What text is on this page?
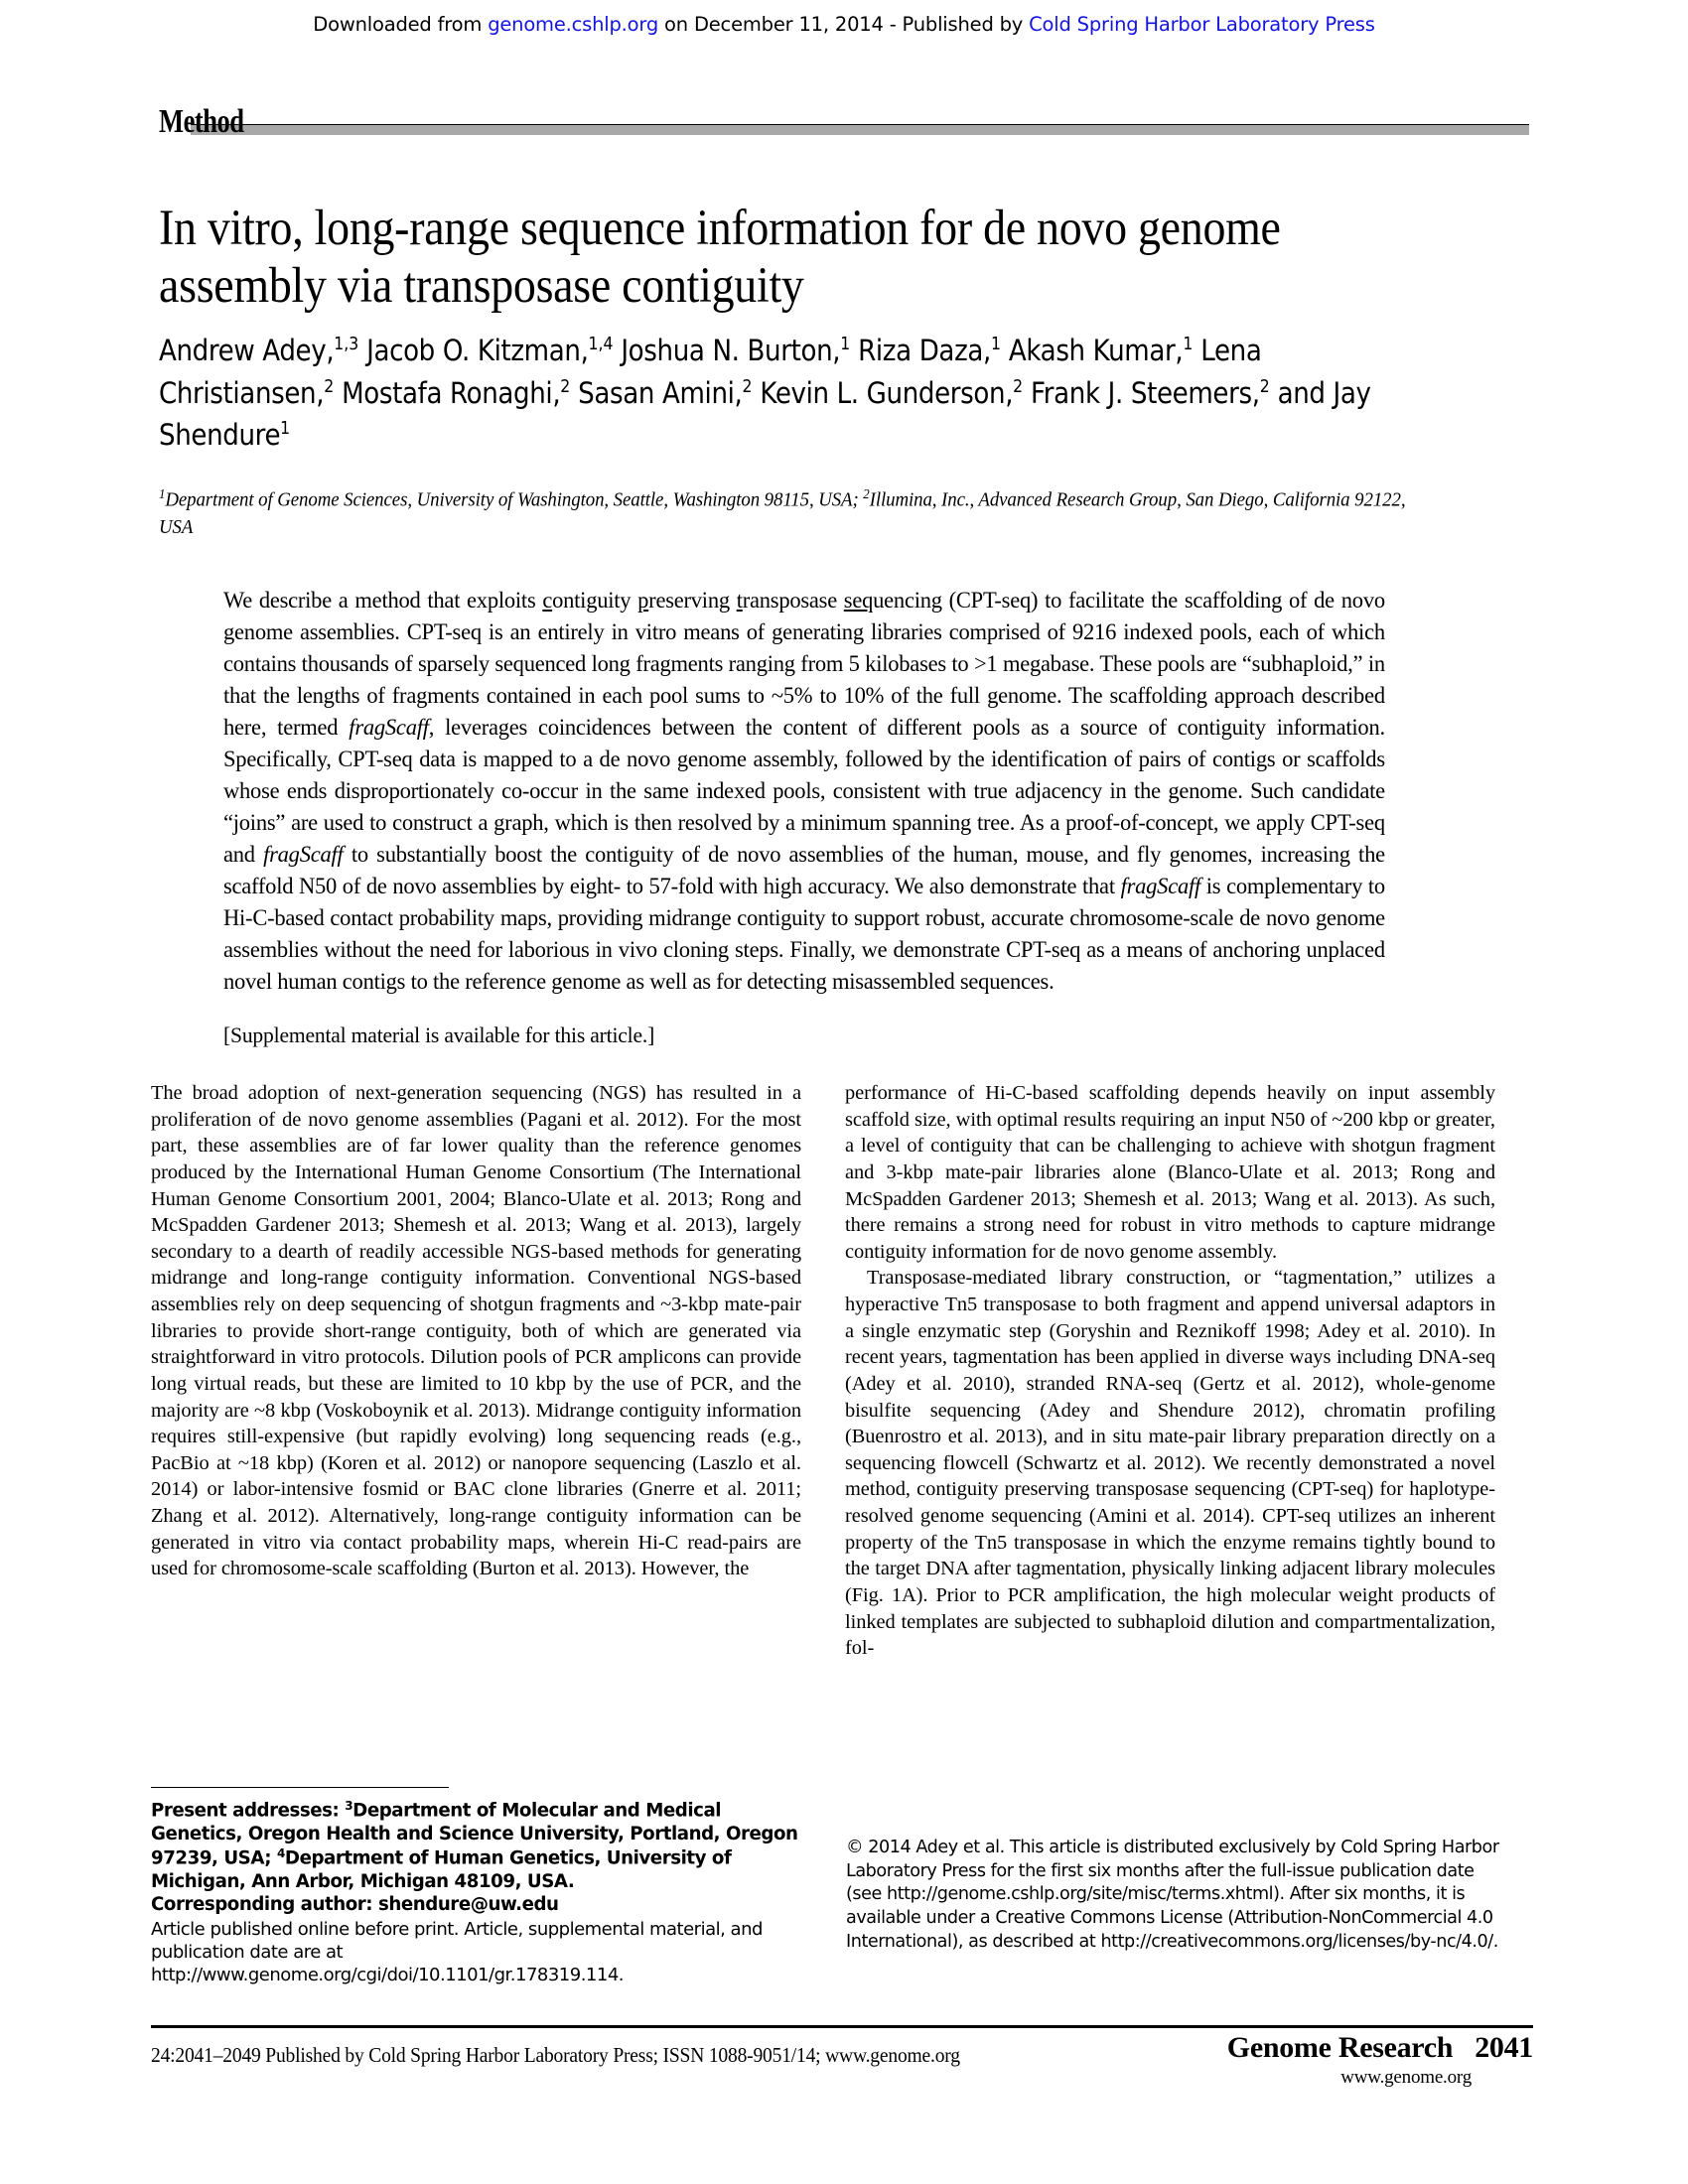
Downloaded from genome.cshlp.org on December 11, 2014 - Published by Cold Spring Harbor Laboratory Press
Method
In vitro, long-range sequence information for de novo genome assembly via transposase contiguity
Andrew Adey,$^{1,3}$ Jacob O. Kitzman,$^{1,4}$ Joshua N. Burton,$^1$ Riza Daza,$^1$ Akash Kumar,$^1$ Lena Christiansen,$^2$ Mostafa Ronaghi,$^2$ Sasan Amini,$^2$ Kevin L. Gunderson,$^2$ Frank J. Steemers,$^2$ and Jay Shendure$^1$
$^1$Department of Genome Sciences, University of Washington, Seattle, Washington 98115, USA; $^2$Illumina, Inc., Advanced Research Group, San Diego, California 92122, USA
We describe a method that exploits contiguity preserving transposase sequencing (CPT-seq) to facilitate the scaffolding of de novo genome assemblies. CPT-seq is an entirely in vitro means of generating libraries comprised of 9216 indexed pools, each of which contains thousands of sparsely sequenced long fragments ranging from 5 kilobases to >1 megabase. These pools are “subhaploid,” in that the lengths of fragments contained in each pool sums to ~5% to 10% of the full genome. The scaffolding approach described here, termed fragScaff, leverages coincidences between the content of different pools as a source of contiguity information. Specifically, CPT-seq data is mapped to a de novo genome assembly, followed by the identification of pairs of contigs or scaffolds whose ends disproportionately co-occur in the same indexed pools, consistent with true adjacency in the genome. Such candidate “joins” are used to construct a graph, which is then resolved by a minimum spanning tree. As a proof-of-concept, we apply CPT-seq and fragScaff to substantially boost the contiguity of de novo assemblies of the human, mouse, and fly genomes, increasing the scaffold N50 of de novo assemblies by eight- to 57-fold with high accuracy. We also demonstrate that fragScaff is complementary to Hi-C-based contact probability maps, providing midrange contiguity to support robust, accurate chromosome-scale de novo genome assemblies without the need for laborious in vivo cloning steps. Finally, we demonstrate CPT-seq as a means of anchoring unplaced novel human contigs to the reference genome as well as for detecting misassembled sequences.
[Supplemental material is available for this article.]

The broad adoption of next-generation sequencing (NGS) has resulted in a proliferation of de novo genome assemblies (Pagani et al. 2012). For the most part, these assemblies are of far lower quality than the reference genomes produced by the International Human Genome Consortium (The International Human Genome Consortium 2001, 2004; Blanco-Ulate et al. 2013; Rong and McSpadden Gardener 2013; Shemesh et al. 2013; Wang et al. 2013), largely secondary to a dearth of readily accessible NGS-based methods for generating midrange and long-range contiguity information. Conventional NGS-based assemblies rely on deep sequencing of shotgun fragments and ~3-kbp mate-pair libraries to provide short-range contiguity, both of which are generated via straightforward in vitro protocols. Dilution pools of PCR amplicons can provide long virtual reads, but these are limited to 10 kbp by the use of PCR, and the majority are ~8 kbp (Voskoboynik et al. 2013). Midrange contiguity information requires still-expensive (but rapidly evolving) long sequencing reads (e.g., PacBio at ~18 kbp) (Koren et al. 2012) or nanopore sequencing (Laszlo et al. 2014) or labor-intensive fosmid or BAC clone libraries (Gnerre et al. 2011; Zhang et al. 2012). Alternatively, long-range contiguity information can be generated in vitro via contact probability maps, wherein Hi-C read-pairs are used for chromosome-scale scaffolding (Burton et al. 2013). However, the

performance of Hi-C-based scaffolding depends heavily on input assembly scaffold size, with optimal results requiring an input N50 of ~200 kbp or greater, a level of contiguity that can be challenging to achieve with shotgun fragment and 3-kbp mate-pair libraries alone (Blanco-Ulate et al. 2013; Rong and McSpadden Gardener 2013; Shemesh et al. 2013; Wang et al. 2013). As such, there remains a strong need for robust in vitro methods to capture midrange contiguity information for de novo genome assembly.

Transposase-mediated library construction, or “tagmentation,” utilizes a hyperactive Tn5 transposase to both fragment and append universal adaptors in a single enzymatic step (Goryshin and Reznikoff 1998; Adey et al. 2010). In recent years, tagmentation has been applied in diverse ways including DNA-seq (Adey et al. 2010), stranded RNA-seq (Gertz et al. 2012), whole-genome bisulfite sequencing (Adey and Shendure 2012), chromatin profiling (Buenrostro et al. 2013), and in situ mate-pair library preparation directly on a sequencing flowcell (Schwartz et al. 2012). We recently demonstrated a novel method, contiguity preserving transposase sequencing (CPT-seq) for haplotype-resolved genome sequencing (Amini et al. 2014). CPT-seq utilizes an inherent property of the Tn5 transposase in which the enzyme remains tightly bound to the target DNA after tagmentation, physically linking adjacent library molecules (Fig. 1A). Prior to PCR amplification, the high molecular weight products of linked templates are subjected to subhaploid dilution and compartmentalization, fol-

Present addresses: $^3$Department of Molecular and Medical Genetics, Oregon Health and Science University, Portland, Oregon 97239, USA; $^4$Department of Human Genetics, University of Michigan, Ann Arbor, Michigan 48109, USA.
Corresponding author: shendure@uw.edu
Article published online before print. Article, supplemental material, and publication date are at http://www.genome.org/cgi/doi/10.1101/gr.178319.114.
© 2014 Adey et al. This article is distributed exclusively by Cold Spring Harbor Laboratory Press for the first six months after the full-issue publication date (see http://genome.cshlp.org/site/misc/terms.xhtml). After six months, it is available under a Creative Commons License (Attribution-NonCommercial 4.0 International), as described at http://creativecommons.org/licenses/by-nc/4.0/.
24:2041–2049 Published by Cold Spring Harbor Laboratory Press; ISSN 1088-9051/14; www.genome.org	Genome Research 2041
www.genome.org
